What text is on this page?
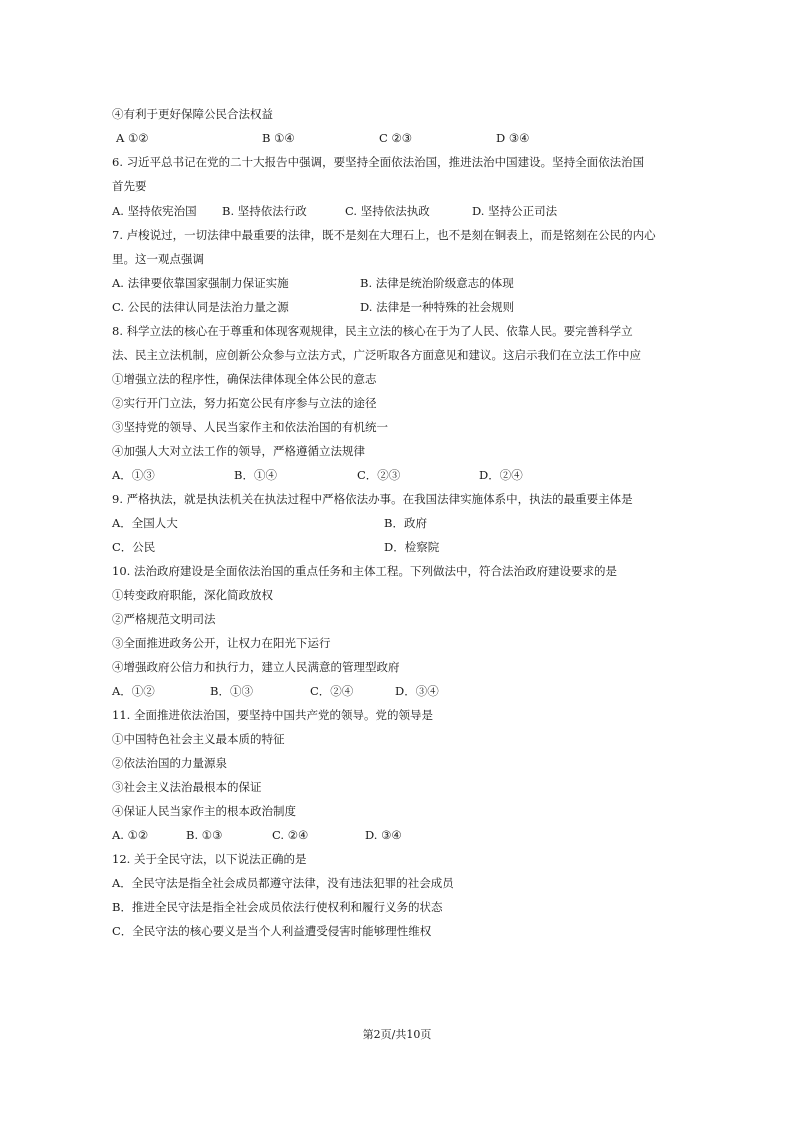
④有利于更好保障公民合法权益
A ①②	B ①④	C ②③	D ③④
6. 习近平总书记在党的二十大报告中强调，要坚持全面依法治国，推进法治中国建设。坚持全面依法治国
首先要
A. 坚持依宪治国 B. 坚持依法行政	C. 坚持依法执政	D. 坚持公正司法
7. 卢梭说过，一切法律中最重要的法律，既不是刻在大理石上，也不是刻在铜表上，而是铭刻在公民的内心
里。这一观点强调
A. 法律要依靠国家强制力保证实施	B. 法律是统治阶级意志的体现
C. 公民的法律认同是法治力量之源	D. 法律是一种特殊的社会规则
8. 科学立法的核心在于尊重和体现客观规律，民主立法的核心在于为了人民、依靠人民。要完善科学立
法、民主立法机制，应创新公众参与立法方式，广泛听取各方面意见和建议。这启示我们在立法工作中应
①增强立法的程序性，确保法律体现全体公民的意志
②实行开门立法，努力拓宽公民有序参与立法的途径
③坚持党的领导、人民当家作主和依法治国的有机统一
④加强人大对立法工作的领导，严格遵循立法规律
A．①③	B．①④	C．②③	D．②④
9. 严格执法，就是执法机关在执法过程中严格依法办事。在我国法律实施体系中，执法的最重要主体是
A．全国人大	B．政府
C．公民	D．检察院
10. 法治政府建设是全面依法治国的重点任务和主体工程。下列做法中，符合法治政府建设要求的是
①转变政府职能，深化简政放权
②严格规范文明司法
③全面推进政务公开，让权力在阳光下运行
④增强政府公信力和执行力，建立人民满意的管理型政府
A．①②	B．①③	C．②④	D．③④
11. 全面推进依法治国，要坚持中国共产党的领导。党的领导是
①中国特色社会主义最本质的特征
②依法治国的力量源泉
③社会主义法治最根本的保证
④保证人民当家作主的根本政治制度
A. ①②	B. ①③	C. ②④	D. ③④
12. 关于全民守法，以下说法正确的是
A．全民守法是指全社会成员都遵守法律，没有违法犯罪的社会成员
B．推进全民守法是指全社会成员依法行使权利和履行义务的状态
C．全民守法的核心要义是当个人利益遭受侵害时能够理性维权
第2页/共10页
